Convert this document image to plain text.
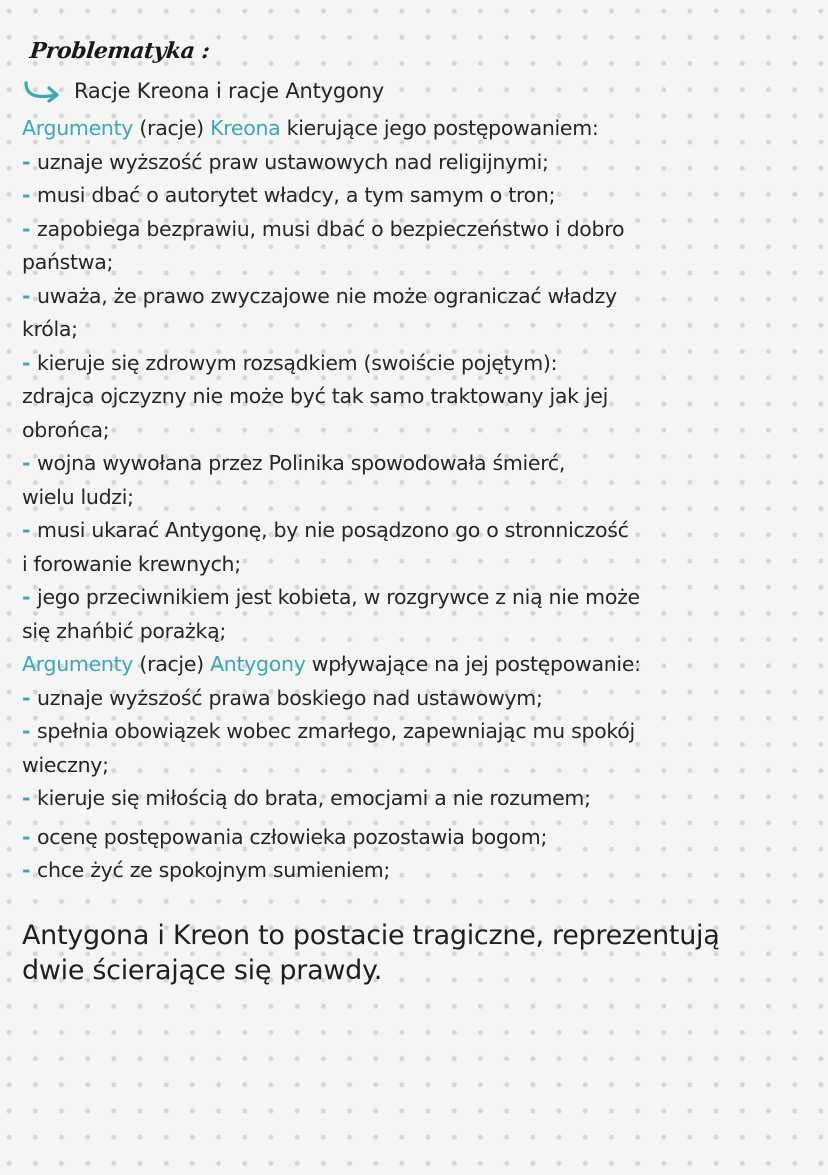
Problematyka :
Racje Kreona i racje Antygony
Argumenty (racje) Kreona kierujące jego postępowaniem:
- uznaje wyższość praw ustawowych nad religijnymi;
- musi dbać o autorytet władcy, a tym samym o tron;
- zapobiega bezprawiu, musi dbać o bezpieczeństwo i dobro
państwa;
- uważa, że prawo zwyczajowe nie może ograniczać władzy
króla;
- kieruje się zdrowym rozsądkiem (swoiście pojętym):
zdrajca ojczyzny nie może być tak samo traktowany jak jej
obrońca;
- wojna wywołana przez Polinika spowodowała śmierć,
wielu ludzi;
- musi ukarać Antygonę, by nie posądzono go o stronniczość
i forowanie krewnych;
- jego przeciwnikiem jest kobieta, w rozgrywce z nią nie może
się zhańbić porażką;
Argumenty (racje) Antygony wpływające na jej postępowanie:
- uznaje wyższość prawa boskiego nad ustawowym;
- spełnia obowiązek wobec zmarłego, zapewniając mu spokój
wieczny;
- kieruje się miłością do brata, emocjami a nie rozumem;
- ocenę postępowania człowieka pozostawia bogom;
- chce żyć ze spokojnym sumieniem;
Antygona i Kreon to postacie tragiczne, reprezentują
dwie ścierające się prawdy.
